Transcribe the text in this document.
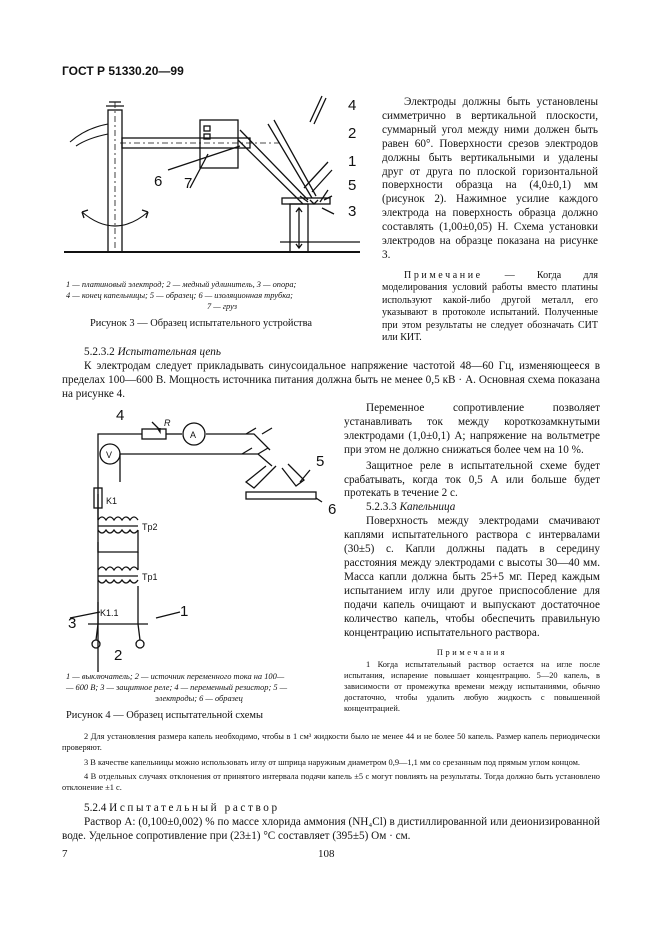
ГОСТ Р 51330.20—99
4
2
1
5
3
6 7
1 — платиновый электрод; 2 — медный удлинитель, 3 — опора;
4 — конец капельницы; 5 — образец; 6 — изоляционная трубка;
7 — груз
Рисунок 3 — Образец испытательного устройства
Электроды должны быть установлены симметрично в вертикальной плоскости, суммарный угол между ними должен быть равен 60°. Поверхности срезов электродов должны быть вертикальными и удалены друг от друга по плоской горизонтальной поверхности образца на (4,0±0,1) мм (рисунок 2). Нажимное усилие каждого электрода на поверхность образца должно составлять (1,00±0,05) Н. Схема установки электродов на образце показана на рисунке 3.
Примечание — Когда для моделирования условий работы вместо платины используют какой-либо другой металл, его указывают в протоколе испытаний. Полученные при этом результаты не следует обозначать СИТ или КИТ.
5.2.3.2 Испытательная цепь
К электродам следует прикладывать синусоидальное напряжение частотой 48—60 Гц, изменяющееся в пределах 100—600 В. Мощность источника питания должна быть не менее 0,5 кВ · А. Основная схема показана на рисунке 4.
4
5
6
1
3
2
R
A
V
K1
Tp2
Tp1
K1.1
1 — выключатель; 2 — источник переменного тока на 100—
— 600 В; 3 — защитное реле; 4 — переменный резистор; 5 —
электроды; 6 — образец
Рисунок 4 — Образец испытательной схемы
Переменное сопротивление позволяет устанавливать ток между короткозамкнутыми электродами (1,0±0,1) А; напряжение на вольтметре при этом не должно снижаться более чем на 10 %.
Защитное реле в испытательной схеме будет срабатывать, когда ток 0,5 А или больше будет протекать в течение 2 с.
5.2.3.3 Капельница
Поверхность между электродами смачивают каплями испытательного раствора с интервалами (30±5) с. Капли должны падать в середину расстояния между электродами с высоты 30—40 мм. Масса капли должна быть 25+5 мг. Перед каждым испытанием иглу или другое приспособление для подачи капель очищают и выпускают достаточное количество капель, чтобы обеспечить правильную концентрацию испытательного раствора.
Примечания
1 Когда испытательный раствор остается на игле после испытания, испарение повышает концентрацию. 5—20 капель, в зависимости от промежутка времени между испытаниями, обычно достаточно, чтобы удалить любую жидкость с повышенной концентрацией.
2 Для установления размера капель необходимо, чтобы в 1 см³ жидкости было не менее 44 и не более 50 капель. Размер капель периодически проверяют.
3 В качестве капельницы можно использовать иглу от шприца наружным диаметром 0,9—1,1 мм со срезанным под прямым углом концом.
4 В отдельных случаях отклонения от принятого интервала подачи капель ±5 с могут повлиять на результаты. Тогда должно быть установлено отклонение ±1 с.
5.2.4 Испытательный раствор
Раствор А: (0,100±0,002) % по массе хлорида аммония (NH₄Cl) в дистиллированной или деионизированной воде. Удельное сопротивление при (23±1) °С составляет (395±5) Ом · см.
7	108
